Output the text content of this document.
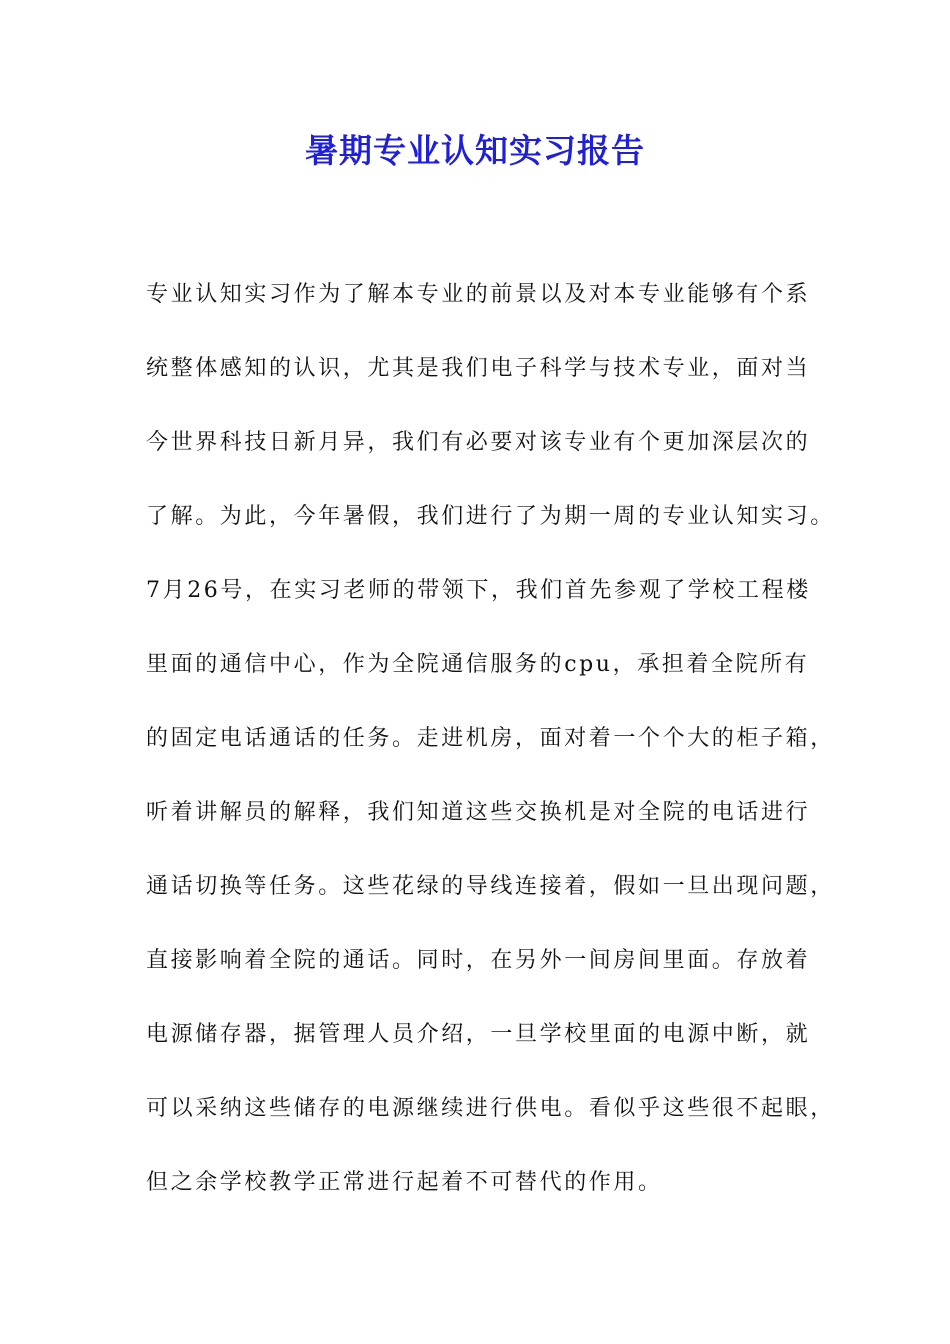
暑期专业认知实习报告
专业认知实习作为了解本专业的前景以及对本专业能够有个系
统整体感知的认识，尤其是我们电子科学与技术专业，面对当
今世界科技日新月异，我们有必要对该专业有个更加深层次的
了解。为此，今年暑假，我们进行了为期一周的专业认知实习。
7月26号，在实习老师的带领下，我们首先参观了学校工程楼
里面的通信中心，作为全院通信服务的cpu，承担着全院所有
的固定电话通话的任务。走进机房，面对着一个个大的柜子箱，
听着讲解员的解释，我们知道这些交换机是对全院的电话进行
通话切换等任务。这些花绿的导线连接着，假如一旦出现问题，
直接影响着全院的通话。同时，在另外一间房间里面。存放着
电源储存器，据管理人员介绍，一旦学校里面的电源中断，就
可以采纳这些储存的电源继续进行供电。看似乎这些很不起眼，
但之余学校教学正常进行起着不可替代的作用。
